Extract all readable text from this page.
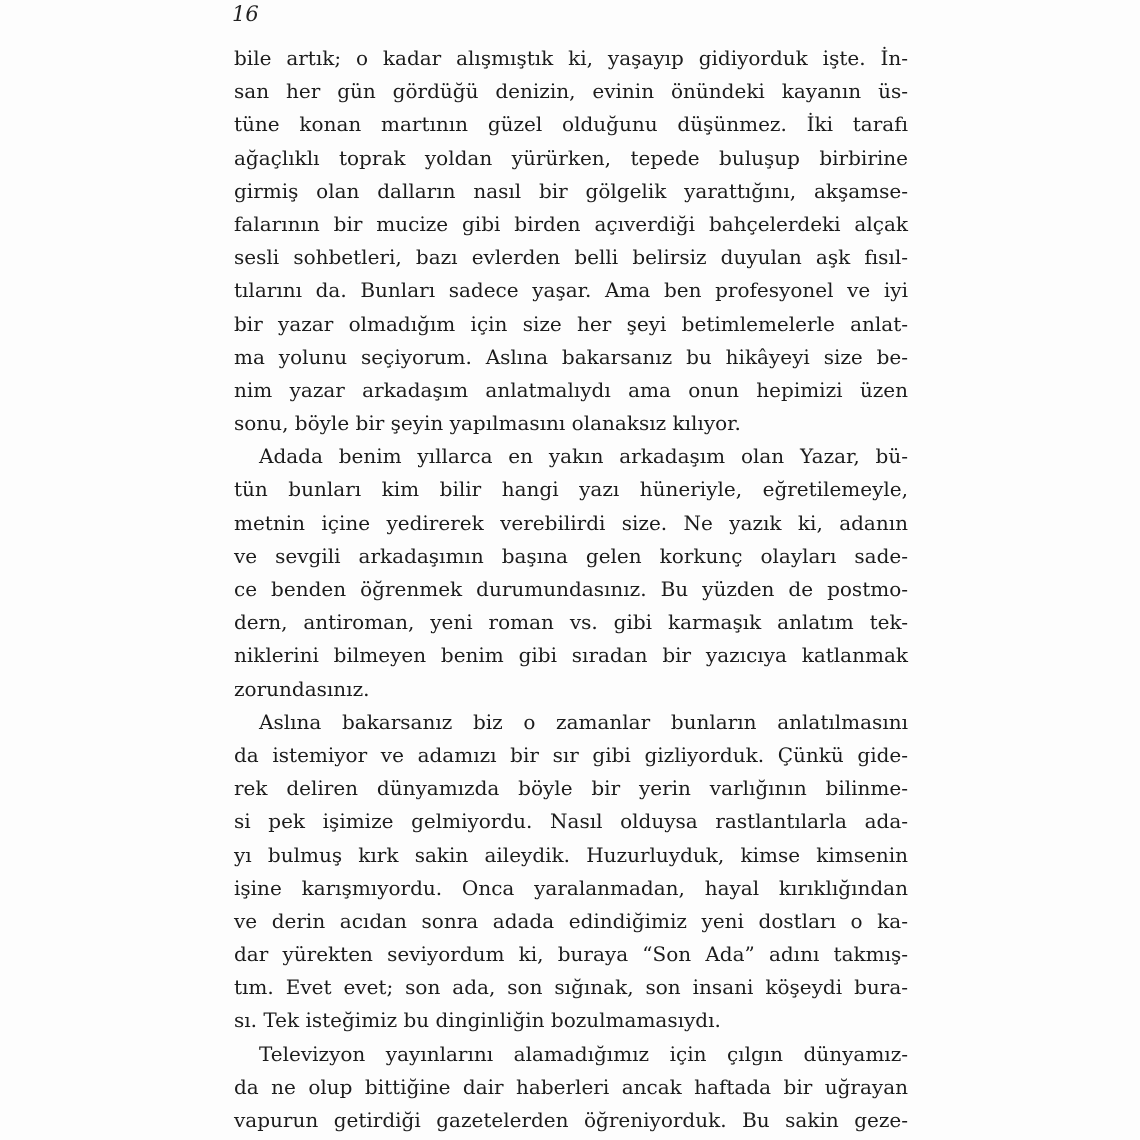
16
bile artık; o kadar alışmıştık ki, yaşayıp gidiyorduk işte. İn-
san her gün gördüğü denizin, evinin önündeki kayanın üs-
tüne konan martının güzel olduğunu düşünmez. İki tarafı
ağaçlıklı toprak yoldan yürürken, tepede buluşup birbirine
girmiş olan dalların nasıl bir gölgelik yarattığını, akşamse-
falarının bir mucize gibi birden açıverdiği bahçelerdeki alçak
sesli sohbetleri, bazı evlerden belli belirsiz duyulan aşk fısıl-
tılarını da. Bunları sadece yaşar. Ama ben profesyonel ve iyi
bir yazar olmadığım için size her şeyi betimlemelerle anlat-
ma yolunu seçiyorum. Aslına bakarsanız bu hikâyeyi size be-
nim yazar arkadaşım anlatmalıydı ama onun hepimizi üzen
sonu, böyle bir şeyin yapılmasını olanaksız kılıyor.
Adada benim yıllarca en yakın arkadaşım olan Yazar, bü-
tün bunları kim bilir hangi yazı hüneriyle, eğretilemeyle,
metnin içine yedirerek verebilirdi size. Ne yazık ki, adanın
ve sevgili arkadaşımın başına gelen korkunç olayları sade-
ce benden öğrenmek durumundasınız. Bu yüzden de postmo-
dern, antiroman, yeni roman vs. gibi karmaşık anlatım tek-
niklerini bilmeyen benim gibi sıradan bir yazıcıya katlanmak
zorundasınız.
Aslına bakarsanız biz o zamanlar bunların anlatılmasını
da istemiyor ve adamızı bir sır gibi gizliyorduk. Çünkü gide-
rek deliren dünyamızda böyle bir yerin varlığının bilinme-
si pek işimize gelmiyordu. Nasıl olduysa rastlantılarla ada-
yı bulmuş kırk sakin aileydik. Huzurluyduk, kimse kimsenin
işine karışmıyordu. Onca yaralanmadan, hayal kırıklığından
ve derin acıdan sonra adada edindiğimiz yeni dostları o ka-
dar yürekten seviyordum ki, buraya “Son Ada” adını takmış-
tım. Evet evet; son ada, son sığınak, son insani köşeydi bura-
sı. Tek isteğimiz bu dinginliğin bozulmamasıydı.
Televizyon yayınlarını alamadığımız için çılgın dünyamız-
da ne olup bittiğine dair haberleri ancak haftada bir uğrayan
vapurun getirdiği gazetelerden öğreniyorduk. Bu sakin geze-
